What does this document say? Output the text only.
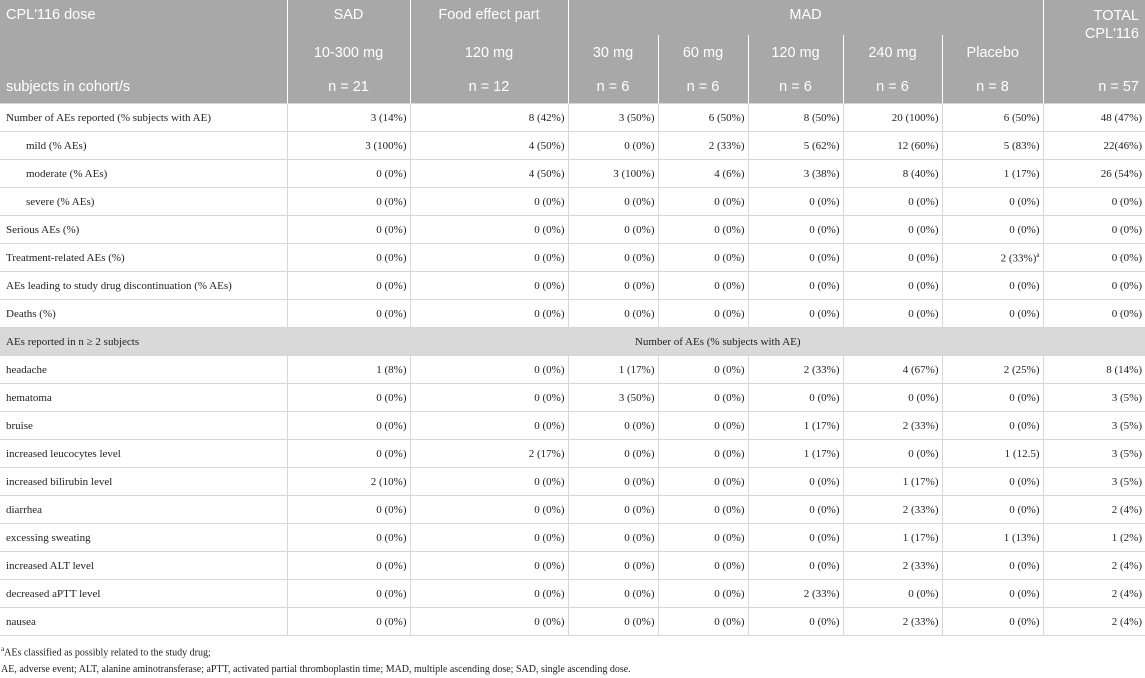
CPL'116 dose	SAD	Food effect part	MAD					TOTAL CPL'116
	10-300 mg	120 mg	30 mg	60 mg	120 mg	240 mg	Placebo	
subjects in cohort/s	n = 21	n = 12	n = 6	n = 6	n = 6	n = 6	n = 8	n = 57
Number of AEs reported (% subjects with AE)	3 (14%)	8 (42%)	3 (50%)	6 (50%)	8 (50%)	20 (100%)	6 (50%)	48 (47%)
mild (% AEs)	3 (100%)	4 (50%)	0 (0%)	2 (33%)	5 (62%)	12 (60%)	5 (83%)	22(46%)
moderate (% AEs)	0 (0%)	4 (50%)	3 (100%)	4 (6%)	3 (38%)	8 (40%)	1 (17%)	26 (54%)
severe (% AEs)	0 (0%)	0 (0%)	0 (0%)	0 (0%)	0 (0%)	0 (0%)	0 (0%)	0 (0%)
Serious AEs (%)	0 (0%)	0 (0%)	0 (0%)	0 (0%)	0 (0%)	0 (0%)	0 (0%)	0 (0%)
Treatment-related AEs (%)	0 (0%)	0 (0%)	0 (0%)	0 (0%)	0 (0%)	0 (0%)	2 $(33\%)^a$	0 (0%)
AEs leading to study drug discontinuation (% AEs)	0 (0%)	0 (0%)	0 (0%)	0 (0%)	0 (0%)	0 (0%)	0 (0%)	0 (0%)
Deaths (%)	0 (0%)	0 (0%)	0 (0%)	0 (0%)	0 (0%)	0 (0%)	0 (0%)	0 (0%)
AEs reported in n ≥ 2 subjects	Number of AEs (% subjects with AE)							
headache	1 (8%)	0 (0%)	1 (17%)	0 (0%)	2 (33%)	4 (67%)	2 (25%)	8 (14%)
hematoma	0 (0%)	0 (0%)	3 (50%)	0 (0%)	0 (0%)	0 (0%)	0 (0%)	3 (5%)
bruise	0 (0%)	0 (0%)	0 (0%)	0 (0%)	1 (17%)	2 (33%)	0 (0%)	3 (5%)
increased leucocytes level	0 (0%)	2 (17%)	0 (0%)	0 (0%)	1 (17%)	0 (0%)	1 (12.5)	3 (5%)
increased bilirubin level	2 (10%)	0 (0%)	0 (0%)	0 (0%)	0 (0%)	1 (17%)	0 (0%)	3 (5%)
diarrhea	0 (0%)	0 (0%)	0 (0%)	0 (0%)	0 (0%)	2 (33%)	0 (0%)	2 (4%)
excessing sweating	0 (0%)	0 (0%)	0 (0%)	0 (0%)	0 (0%)	1 (17%)	1 (13%)	1 (2%)
increased ALT level	0 (0%)	0 (0%)	0 (0%)	0 (0%)	0 (0%)	2 (33%)	0 (0%)	2 (4%)
decreased aPTT level	0 (0%)	0 (0%)	0 (0%)	0 (0%)	2 (33%)	0 (0%)	0 (0%)	2 (4%)
nausea	0 (0%)	0 (0%)	0 (0%)	0 (0%)	0 (0%)	2 (33%)	0 (0%)	2 (4%)
$^a$AEs classified as possibly related to the study drug;
AE, adverse event; ALT, alanine aminotransferase; aPTT, activated partial thromboplastin time; MAD, multiple ascending dose; SAD, single ascending dose.
